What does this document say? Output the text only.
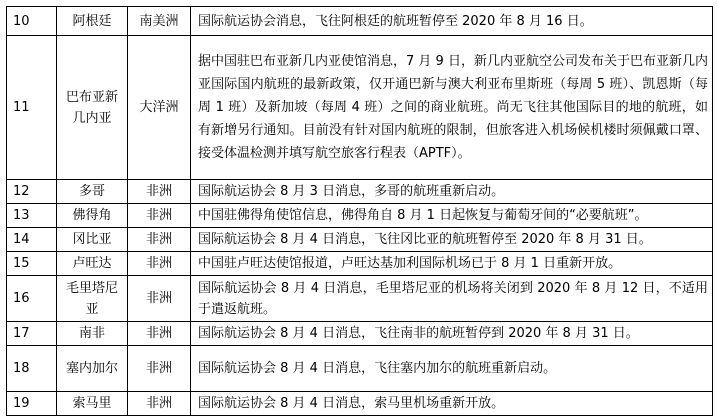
10	阿根廷	南美洲	国际航运协会消息，飞往阿根廷的航班暂停至 2020 年 8 月 16 日。
11	巴布亚新几内亚	大洋洲	据中国驻巴布亚新几内亚使馆消息，7 月 9 日，新几内亚航空公司发布关于巴布亚新几内亚国际国内航班的最新政策，仅开通巴新与澳大利亚布里斯班（每周 5 班）、凯恩斯（每周 1 班）及新加坡（每周 4 班）之间的商业航班。尚无飞往其他国际目的地的航班，如有新增另行通知。目前没有针对国内航班的限制，但旅客进入机场候机楼时须佩戴口罩、接受体温检测并填写航空旅客行程表（APTF）。
12	多哥	非洲	国际航运协会 8 月 3 日消息，多哥的航班重新启动。
13	佛得角	非洲	中国驻佛得角使馆信息，佛得角自 8 月 1 日起恢复与葡萄牙间的“必要航班”。
14	冈比亚	非洲	国际航运协会 8 月 4 日消息，飞往冈比亚的航班暂停至 2020 年 8 月 31 日。
15	卢旺达	非洲	中国驻卢旺达使馆报道，卢旺达基加利国际机场已于 8 月 1 日重新开放。
16	毛里塔尼亚	非洲	国际航运协会 8 月 4 日消息，毛里塔尼亚的机场将关闭到 2020 年 8 月 12 日，不适用于遣返航班。
17	南非	非洲	国际航运协会 8 月 4 日消息，飞往南非的航班暂停到 2020 年 8 月 31 日。
18	塞内加尔	非洲	国际航运协会 8 月 4 日消息，飞往塞内加尔的航班重新启动。
19	索马里	非洲	国际航运协会 8 月 4 日消息，索马里机场重新开放。
